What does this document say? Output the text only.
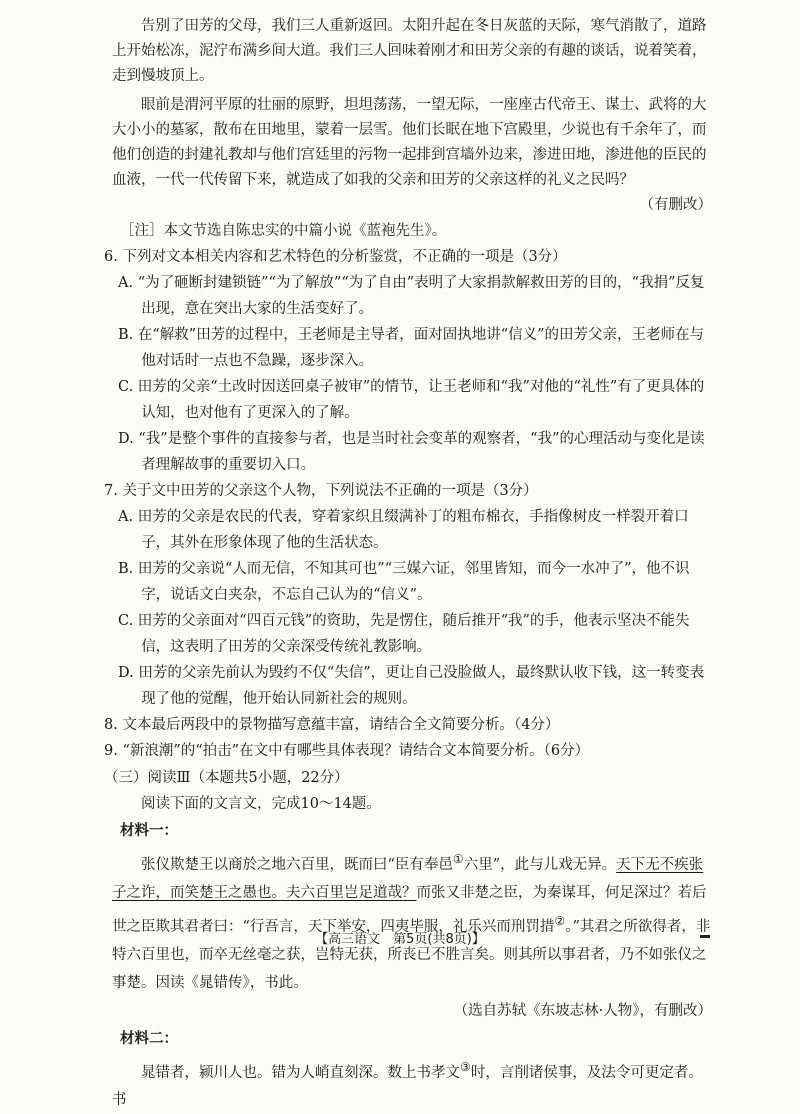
告别了田芳的父母，我们三人重新返回。太阳升起在冬日灰蓝的天际，寒气消散了，道路上开始松冻，泥泞布满乡间大道。我们三人回味着刚才和田芳父亲的有趣的谈话，说着笑着，走到慢坡顶上。

眼前是渭河平原的壮丽的原野，坦坦荡荡，一望无际，一座座古代帝王、谋士、武将的大大小小的墓冢，散布在田地里，蒙着一层雪。他们长眠在地下宫殿里，少说也有千余年了，而他们创造的封建礼教却与他们宫廷里的污物一起排到宫墙外边来，渗进田地，渗进他的臣民的血液，一代一代传留下来，就造成了如我的父亲和田芳的父亲这样的礼义之民吗？

（有删改）

［注］本文节选自陈忠实的中篇小说《蓝袍先生》。

6. 下列对文本相关内容和艺术特色的分析鉴赏，不正确的一项是（3分）

A. “为了砸断封建锁链”“为了解放”“为了自由”表明了大家捐款解救田芳的目的，“我捐”反复出现，意在突出大家的生活变好了。

B. 在“解救”田芳的过程中，王老师是主导者，面对固执地讲“信义”的田芳父亲，王老师在与他对话时一点也不急躁，逐步深入。

C. 田芳的父亲“土改时因送回桌子被审”的情节，让王老师和“我”对他的“礼性”有了更具体的认知，也对他有了更深入的了解。

D. “我”是整个事件的直接参与者，也是当时社会变革的观察者，“我”的心理活动与变化是读者理解故事的重要切入口。

7. 关于文中田芳的父亲这个人物，下列说法不正确的一项是（3分）

A. 田芳的父亲是农民的代表，穿着家织且缀满补丁的粗布棉衣，手指像树皮一样裂开着口子，其外在形象体现了他的生活状态。

B. 田芳的父亲说“人而无信，不知其可也”“三媒六证，邻里皆知，而今一水冲了”，他不识字，说话文白夹杂，不忘自己认为的“信义”。

C. 田芳的父亲面对“四百元钱”的资助，先是愣住，随后推开“我”的手，他表示坚决不能失信，这表明了田芳的父亲深受传统礼教影响。

D. 田芳的父亲先前认为毁约不仅“失信”，更让自己没脸做人，最终默认收下钱，这一转变表现了他的觉醒，他开始认同新社会的规则。

8. 文本最后两段中的景物描写意蕴丰富，请结合全文简要分析。（4分）

9. “新浪潮”的“拍击”在文中有哪些具体表现？请结合文本简要分析。（6分）

（三）阅读Ⅲ（本题共5小题，22分）

阅读下面的文言文，完成10～14题。

材料一：

张仪欺楚王以商於之地六百里，既而曰“臣有奉邑①六里”，此与儿戏无异。天下无不疾张子之诈，而笑楚王之愚也。夫六百里岂足道哉？而张又非楚之臣，为秦谋耳，何足深过？若后世之臣欺其君者曰：“行吾言，天下举安，四夷毕服，礼乐兴而刑罚措②。”其君之所欲得者，非特六百里也，而卒无丝毫之获，岂特无获，所丧已不胜言矣。则其所以事君者，乃不如张仪之事楚。因读《晁错传》，书此。

（选自苏轼《东坡志林·人物》，有删改）

材料二：

晁错者，颍川人也。错为人峭直刻深。数上书孝文③时，言削诸侯事，及法令可更定者。书

【高三语文　第5页(共8页)】
